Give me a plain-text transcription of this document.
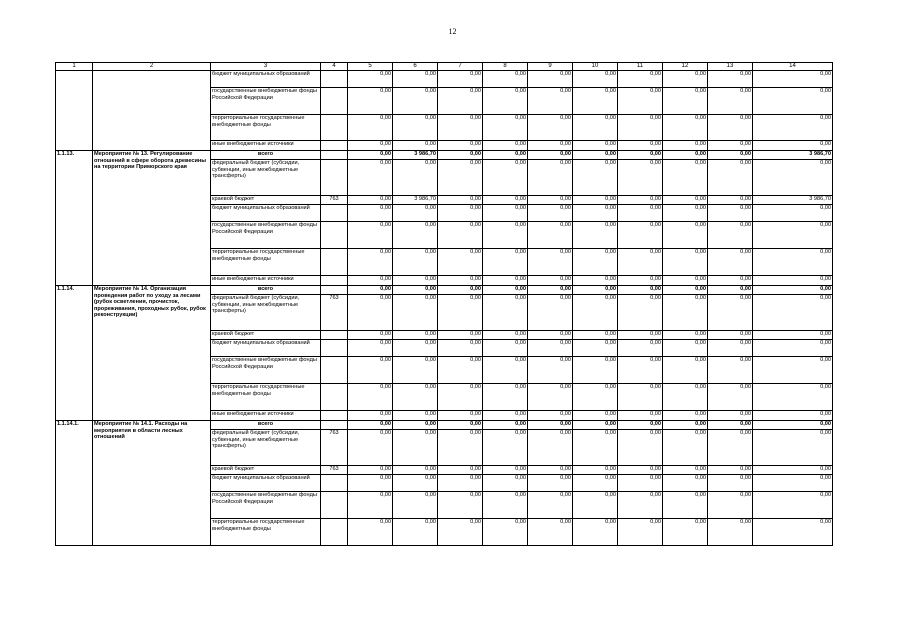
12
1	2	3	4	5	6	7	8	9	10	11	12	13	14
		бюджет муниципальных образований		0,00	0,00	0,00	0,00	0,00	0,00	0,00	0,00	0,00	0,00
		государственные внебюджетные фонды Российской Федерации		0,00	0,00	0,00	0,00	0,00	0,00	0,00	0,00	0,00	0,00
		территориальные государственные внебюджетные фонды		0,00	0,00	0,00	0,00	0,00	0,00	0,00	0,00	0,00	0,00
		иные внебюджетные источники		0,00	0,00	0,00	0,00	0,00	0,00	0,00	0,00	0,00	0,00
1.1.13.	Мероприятие № 13. Регулирование отношений в сфере оборота древесины на территории Приморского края	всего		0,00	3 986,70	0,00	0,00	0,00	0,00	0,00	0,00	0,00	3 986,70
		федеральный бюджет (субсидии, субвенции, иные межбюджетные трансферты)		0,00	0,00	0,00	0,00	0,00	0,00	0,00	0,00	0,00	0,00
		краевой бюджет	763	0,00	3 986,70	0,00	0,00	0,00	0,00	0,00	0,00	0,00	3 986,70
		бюджет муниципальных образований		0,00	0,00	0,00	0,00	0,00	0,00	0,00	0,00	0,00	0,00
		государственные внебюджетные фонды Российской Федерации		0,00	0,00	0,00	0,00	0,00	0,00	0,00	0,00	0,00	0,00
		территориальные государственные внебюджетные фонды		0,00	0,00	0,00	0,00	0,00	0,00	0,00	0,00	0,00	0,00
		иные внебюджетные источники		0,00	0,00	0,00	0,00	0,00	0,00	0,00	0,00	0,00	0,00
1.1.14.	Мероприятие № 14. Организация проведения работ по уходу за лесами (рубок осветления, прочисток, прореживания, проходных рубок, рубок реконструкции)	всего		0,00	0,00	0,00	0,00	0,00	0,00	0,00	0,00	0,00	0,00
		федеральный бюджет (субсидии, субвенции, иные межбюджетные трансферты)	763	0,00	0,00	0,00	0,00	0,00	0,00	0,00	0,00	0,00	0,00
		краевой бюджет		0,00	0,00	0,00	0,00	0,00	0,00	0,00	0,00	0,00	0,00
		бюджет муниципальных образований		0,00	0,00	0,00	0,00	0,00	0,00	0,00	0,00	0,00	0,00
		государственные внебюджетные фонды Российской Федерации		0,00	0,00	0,00	0,00	0,00	0,00	0,00	0,00	0,00	0,00
		территориальные государственные внебюджетные фонды		0,00	0,00	0,00	0,00	0,00	0,00	0,00	0,00	0,00	0,00
		иные внебюджетные источники		0,00	0,00	0,00	0,00	0,00	0,00	0,00	0,00	0,00	0,00
1.1.14.1.	Мероприятие № 14.1. Расходы на мероприятия в области лесных отношений	всего		0,00	0,00	0,00	0,00	0,00	0,00	0,00	0,00	0,00	0,00
		федеральный бюджет (субсидии, субвенции, иные межбюджетные трансферты)	763	0,00	0,00	0,00	0,00	0,00	0,00	0,00	0,00	0,00	0,00
		краевой бюджет	763	0,00	0,00	0,00	0,00	0,00	0,00	0,00	0,00	0,00	0,00
		бюджет муниципальных образований		0,00	0,00	0,00	0,00	0,00	0,00	0,00	0,00	0,00	0,00
		государственные внебюджетные фонды Российской Федерации		0,00	0,00	0,00	0,00	0,00	0,00	0,00	0,00	0,00	0,00
		территориальные государственные внебюджетные фонды		0,00	0,00	0,00	0,00	0,00	0,00	0,00	0,00	0,00	0,00
